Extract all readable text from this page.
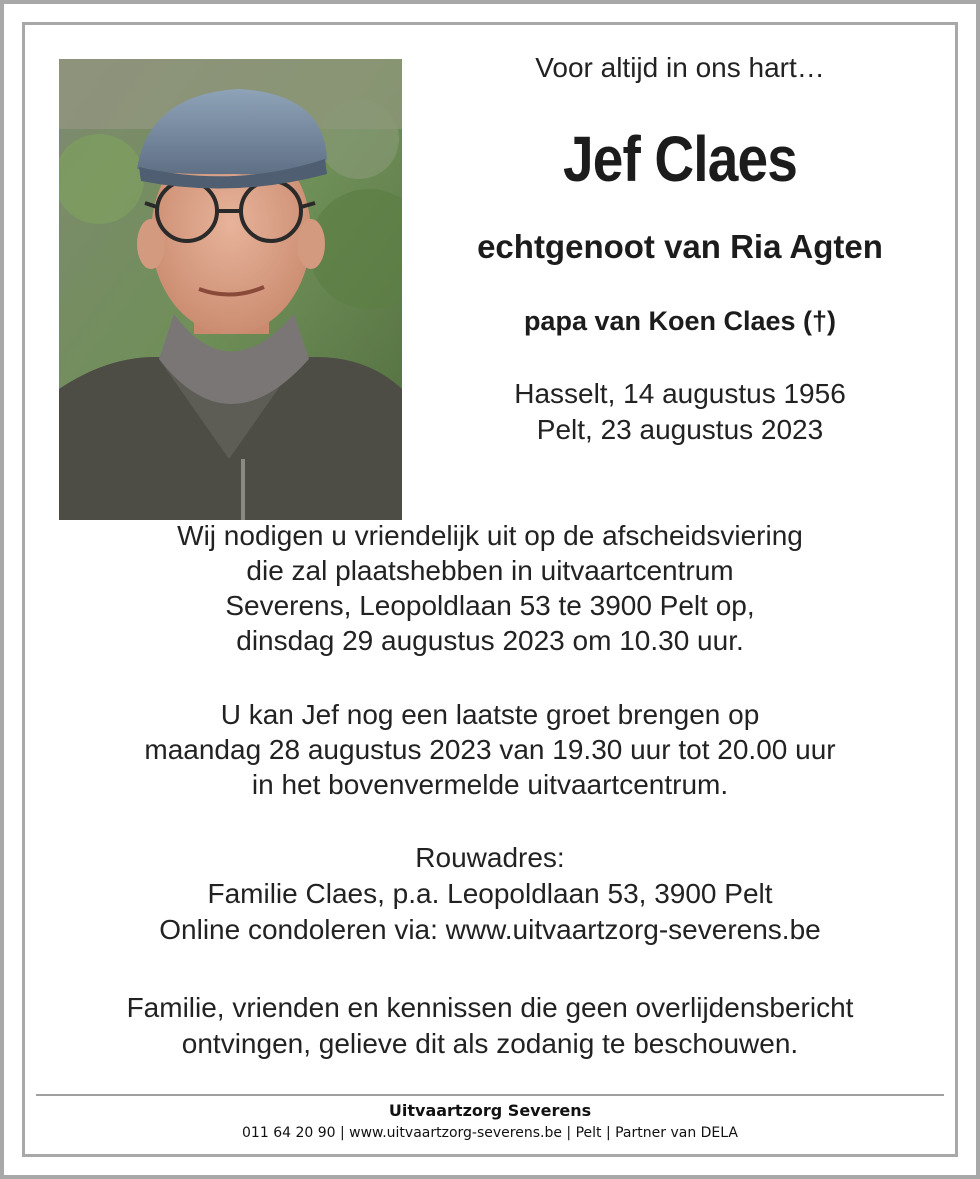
Voor altijd in ons hart…
Jef Claes
echtgenoot van Ria Agten
papa van Koen Claes (†)
Hasselt, 14 augustus 1956
Pelt, 23 augustus 2023
Wij nodigen u vriendelijk uit op de afscheidsviering
die zal plaatshebben in uitvaartcentrum
Severens, Leopoldlaan 53 te 3900 Pelt op,
dinsdag 29 augustus 2023 om 10.30 uur.
U kan Jef nog een laatste groet brengen op
maandag 28 augustus 2023 van 19.30 uur tot 20.00 uur
in het bovenvermelde uitvaartcentrum.
Rouwadres:
Familie Claes, p.a. Leopoldlaan 53, 3900 Pelt
Online condoleren via: www.uitvaartzorg-severens.be
Familie, vrienden en kennissen die geen overlijdensbericht
ontvingen, gelieve dit als zodanig te beschouwen.
Uitvaartzorg Severens
011 64 20 90 | www.uitvaartzorg-severens.be | Pelt | Partner van DELA
